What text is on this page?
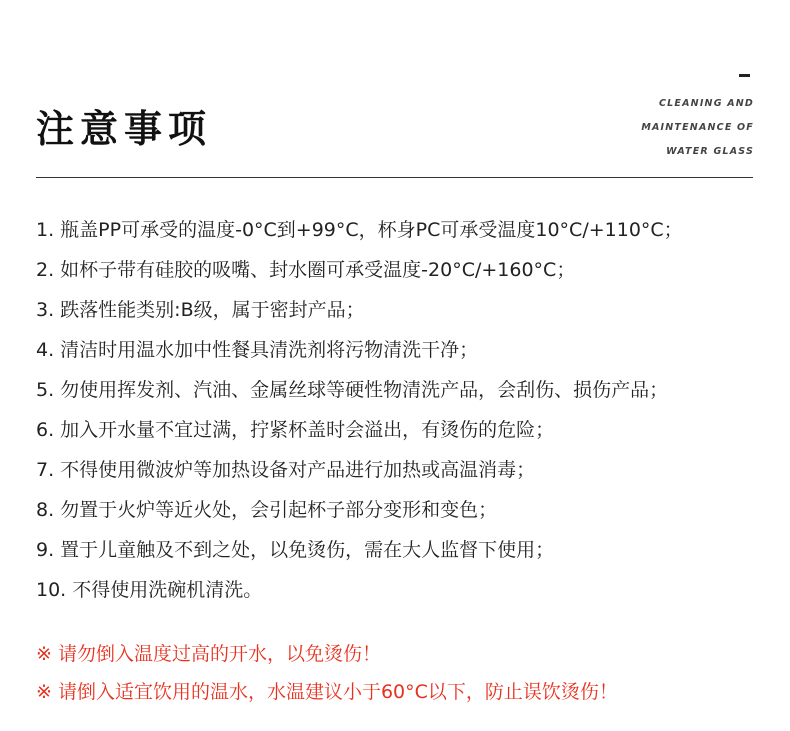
注意事项
CLEANING AND
MAINTENANCE OF
WATER GLASS
1. 瓶盖PP可承受的温度-0°C到+99°C，杯身PC可承受温度10°C/+110°C；
2. 如杯子带有硅胶的吸嘴、封水圈可承受温度-20°C/+160°C；
3. 跌落性能类别:B级，属于密封产品；
4. 清洁时用温水加中性餐具清洗剂将污物清洗干净；
5. 勿使用挥发剂、汽油、金属丝球等硬性物清洗产品，会刮伤、损伤产品；
6. 加入开水量不宜过满，拧紧杯盖时会溢出，有烫伤的危险；
7. 不得使用微波炉等加热设备对产品进行加热或高温消毒；
8. 勿置于火炉等近火处，会引起杯子部分变形和变色；
9. 置于儿童触及不到之处，以免烫伤，需在大人监督下使用；
10. 不得使用洗碗机清洗。
※ 请勿倒入温度过高的开水，以免烫伤！
※ 请倒入适宜饮用的温水，水温建议小于60°C以下，防止误饮烫伤！
